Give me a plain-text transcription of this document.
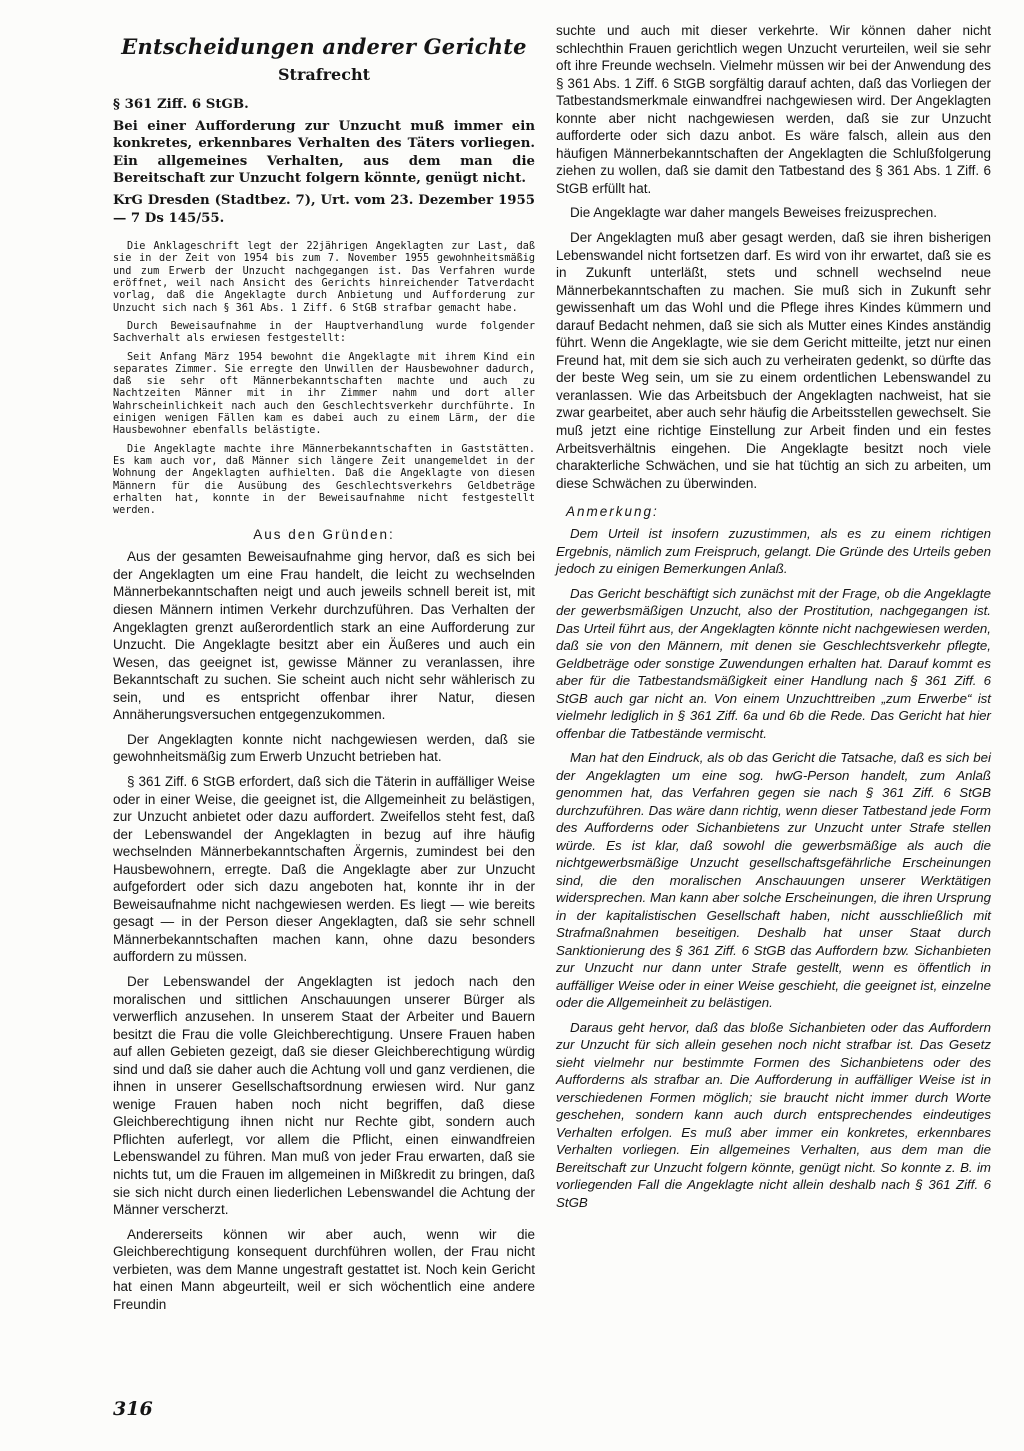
Entscheidungen anderer Gerichte
Strafrecht
§ 361 Ziff. 6 StGB.
Bei einer Aufforderung zur Unzucht muß immer ein konkretes, erkennbares Verhalten des Täters vorliegen. Ein allgemeines Verhalten, aus dem man die Bereitschaft zur Unzucht folgern könnte, genügt nicht.
KrG Dresden (Stadtbez. 7), Urt. vom 23. Dezember 1955 — 7 Ds 145/55.

Die Anklageschrift legt der 22jährigen Angeklagten zur Last, daß sie in der Zeit von 1954 bis zum 7. November 1955 gewohnheitsmäßig und zum Erwerb der Unzucht nachgegangen ist. Das Verfahren wurde eröffnet, weil nach Ansicht des Gerichts hinreichender Tatverdacht vorlag, daß die Angeklagte durch Anbietung und Aufforderung zur Unzucht sich nach § 361 Abs. 1 Ziff. 6 StGB strafbar gemacht habe.

Durch Beweisaufnahme in der Hauptverhandlung wurde folgender Sachverhalt als erwiesen festgestellt:

Seit Anfang März 1954 bewohnt die Angeklagte mit ihrem Kind ein separates Zimmer. Sie erregte den Unwillen der Hausbewohner dadurch, daß sie sehr oft Männerbekanntschaften machte und auch zu Nachtzeiten Männer mit in ihr Zimmer nahm und dort aller Wahrscheinlichkeit nach auch den Geschlechtsverkehr durchführte. In einigen wenigen Fällen kam es dabei auch zu einem Lärm, der die Hausbewohner ebenfalls belästigte.

Die Angeklagte machte ihre Männerbekanntschaften in Gaststätten. Es kam auch vor, daß Männer sich längere Zeit unangemeldet in der Wohnung der Angeklagten aufhielten. Daß die Angeklagte von diesen Männern für die Ausübung des Geschlechtsverkehrs Geldbeträge erhalten hat, konnte in der Beweisaufnahme nicht festgestellt werden.

Aus den Gründen:

Aus der gesamten Beweisaufnahme ging hervor, daß es sich bei der Angeklagten um eine Frau handelt, die leicht zu wechselnden Männerbekanntschaften neigt und auch jeweils schnell bereit ist, mit diesen Männern intimen Verkehr durchzuführen. Das Verhalten der Angeklagten grenzt außerordentlich stark an eine Aufforderung zur Unzucht. Die Angeklagte besitzt aber ein Äußeres und auch ein Wesen, das geeignet ist, gewisse Männer zu veranlassen, ihre Bekanntschaft zu suchen. Sie scheint auch nicht sehr wählerisch zu sein, und es entspricht offenbar ihrer Natur, diesen Annäherungsversuchen entgegenzukommen.

Der Angeklagten konnte nicht nachgewiesen werden, daß sie gewohnheitsmäßig zum Erwerb Unzucht betrieben hat.

§ 361 Ziff. 6 StGB erfordert, daß sich die Täterin in auffälliger Weise oder in einer Weise, die geeignet ist, die Allgemeinheit zu belästigen, zur Unzucht anbietet oder dazu auffordert. Zweifellos steht fest, daß der Lebenswandel der Angeklagten in bezug auf ihre häufig wechselnden Männerbekanntschaften Ärgernis, zumindest bei den Hausbewohnern, erregte. Daß die Angeklagte aber zur Unzucht aufgefordert oder sich dazu angeboten hat, konnte ihr in der Beweisaufnahme nicht nachgewiesen werden. Es liegt — wie bereits gesagt — in der Person dieser Angeklagten, daß sie sehr schnell Männerbekanntschaften machen kann, ohne dazu besonders auffordern zu müssen.

Der Lebenswandel der Angeklagten ist jedoch nach den moralischen und sittlichen Anschauungen unserer Bürger als verwerflich anzusehen. In unserem Staat der Arbeiter und Bauern besitzt die Frau die volle Gleichberechtigung. Unsere Frauen haben auf allen Gebieten gezeigt, daß sie dieser Gleichberechtigung würdig sind und daß sie daher auch die Achtung voll und ganz verdienen, die ihnen in unserer Gesellschaftsordnung erwiesen wird. Nur ganz wenige Frauen haben noch nicht begriffen, daß diese Gleichberechtigung ihnen nicht nur Rechte gibt, sondern auch Pflichten auferlegt, vor allem die Pflicht, einen einwandfreien Lebenswandel zu führen. Man muß von jeder Frau erwarten, daß sie nichts tut, um die Frauen im allgemeinen in Mißkredit zu bringen, daß sie sich nicht durch einen liederlichen Lebenswandel die Achtung der Männer verscherzt.

Andererseits können wir aber auch, wenn wir die Gleichberechtigung konsequent durchführen wollen, der Frau nicht verbieten, was dem Manne ungestraft gestattet ist. Noch kein Gericht hat einen Mann abgeurteilt, weil er sich wöchentlich eine andere Freundin

suchte und auch mit dieser verkehrte. Wir können daher nicht schlechthin Frauen gerichtlich wegen Unzucht verurteilen, weil sie sehr oft ihre Freunde wechseln. Vielmehr müssen wir bei der Anwendung des § 361 Abs. 1 Ziff. 6 StGB sorgfältig darauf achten, daß das Vorliegen der Tatbestandsmerkmale einwandfrei nachgewiesen wird. Der Angeklagten konnte aber nicht nachgewiesen werden, daß sie zur Unzucht aufforderte oder sich dazu anbot. Es wäre falsch, allein aus den häufigen Männerbekanntschaften der Angeklagten die Schlußfolgerung ziehen zu wollen, daß sie damit den Tatbestand des § 361 Abs. 1 Ziff. 6 StGB erfüllt hat.

Die Angeklagte war daher mangels Beweises freizusprechen.

Der Angeklagten muß aber gesagt werden, daß sie ihren bisherigen Lebenswandel nicht fortsetzen darf. Es wird von ihr erwartet, daß sie es in Zukunft unterläßt, stets und schnell wechselnd neue Männerbekanntschaften zu machen. Sie muß sich in Zukunft sehr gewissenhaft um das Wohl und die Pflege ihres Kindes kümmern und darauf Bedacht nehmen, daß sie sich als Mutter eines Kindes anständig führt. Wenn die Angeklagte, wie sie dem Gericht mitteilte, jetzt nur einen Freund hat, mit dem sie sich auch zu verheiraten gedenkt, so dürfte das der beste Weg sein, um sie zu einem ordentlichen Lebenswandel zu veranlassen. Wie das Arbeitsbuch der Angeklagten nachweist, hat sie zwar gearbeitet, aber auch sehr häufig die Arbeitsstellen gewechselt. Sie muß jetzt eine richtige Einstellung zur Arbeit finden und ein festes Arbeitsverhältnis eingehen. Die Angeklagte besitzt noch viele charakterliche Schwächen, und sie hat tüchtig an sich zu arbeiten, um diese Schwächen zu überwinden.

Anmerkung:

Dem Urteil ist insofern zuzustimmen, als es zu einem richtigen Ergebnis, nämlich zum Freispruch, gelangt. Die Gründe des Urteils geben jedoch zu einigen Bemerkungen Anlaß.

Das Gericht beschäftigt sich zunächst mit der Frage, ob die Angeklagte der gewerbsmäßigen Unzucht, also der Prostitution, nachgegangen ist. Das Urteil führt aus, der Angeklagten könnte nicht nachgewiesen werden, daß sie von den Männern, mit denen sie Geschlechtsverkehr pflegte, Geldbeträge oder sonstige Zuwendungen erhalten hat. Darauf kommt es aber für die Tatbestandsmäßigkeit einer Handlung nach § 361 Ziff. 6 StGB auch gar nicht an. Von einem Unzuchttreiben „zum Erwerbe“ ist vielmehr lediglich in § 361 Ziff. 6a und 6b die Rede. Das Gericht hat hier offenbar die Tatbestände vermischt.

Man hat den Eindruck, als ob das Gericht die Tatsache, daß es sich bei der Angeklagten um eine sog. hwG-Person handelt, zum Anlaß genommen hat, das Verfahren gegen sie nach § 361 Ziff. 6 StGB durchzuführen. Das wäre dann richtig, wenn dieser Tatbestand jede Form des Aufforderns oder Sichanbietens zur Unzucht unter Strafe stellen würde. Es ist klar, daß sowohl die gewerbsmäßige als auch die nichtgewerbsmäßige Unzucht gesellschaftsgefährliche Erscheinungen sind, die den moralischen Anschauungen unserer Werktätigen widersprechen. Man kann aber solche Erscheinungen, die ihren Ursprung in der kapitalistischen Gesellschaft haben, nicht ausschließlich mit Strafmaßnahmen beseitigen. Deshalb hat unser Staat durch Sanktionierung des § 361 Ziff. 6 StGB das Auffordern bzw. Sichanbieten zur Unzucht nur dann unter Strafe gestellt, wenn es öffentlich in auffälliger Weise oder in einer Weise geschieht, die geeignet ist, einzelne oder die Allgemeinheit zu belästigen.

Daraus geht hervor, daß das bloße Sichanbieten oder das Auffordern zur Unzucht für sich allein gesehen noch nicht strafbar ist. Das Gesetz sieht vielmehr nur bestimmte Formen des Sichanbietens oder des Aufforderns als strafbar an. Die Aufforderung in auffälliger Weise ist in verschiedenen Formen möglich; sie braucht nicht immer durch Worte geschehen, sondern kann auch durch entsprechendes eindeutiges Verhalten erfolgen. Es muß aber immer ein konkretes, erkennbares Verhalten vorliegen. Ein allgemeines Verhalten, aus dem man die Bereitschaft zur Unzucht folgern könnte, genügt nicht. So konnte z. B. im vorliegenden Fall die Angeklagte nicht allein deshalb nach § 361 Ziff. 6 StGB

316
